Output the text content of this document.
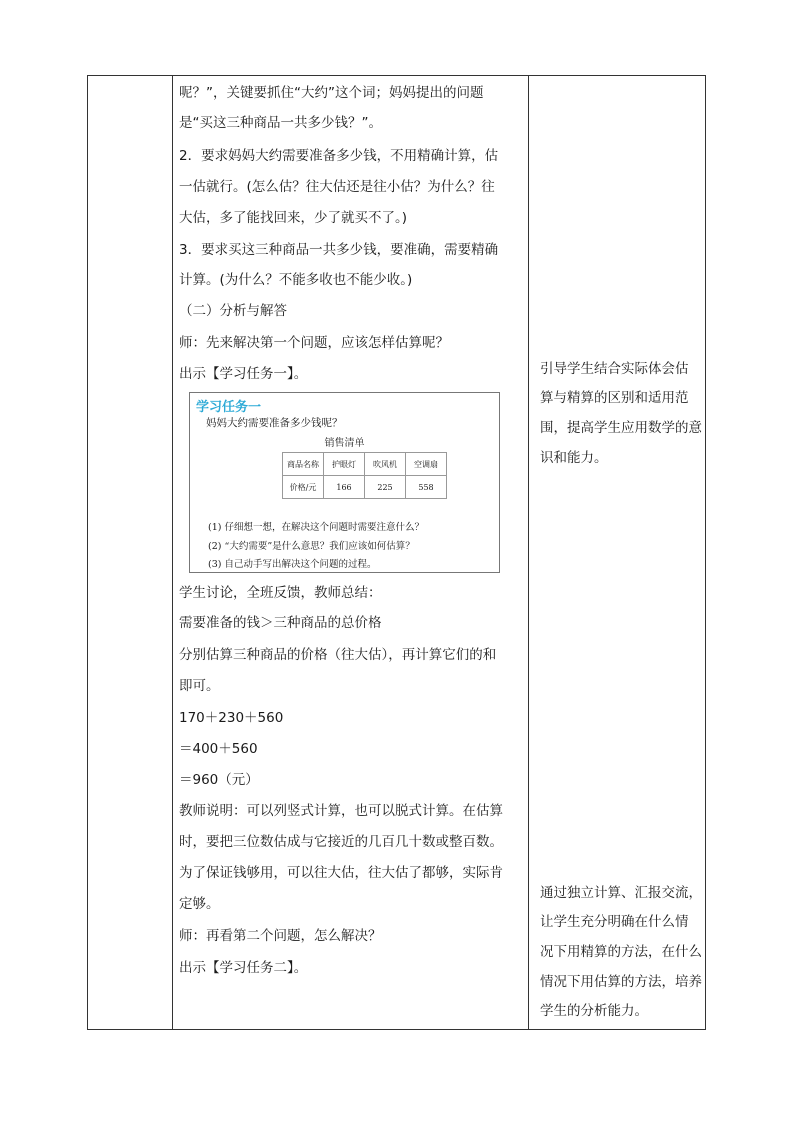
呢？”，关键要抓住“大约”这个词；妈妈提出的问题
是“买这三种商品一共多少钱？”。
2．要求妈妈大约需要准备多少钱，不用精确计算，估
一估就行。(怎么估？往大估还是往小估？为什么？往
大估，多了能找回来，少了就买不了。)
3．要求买这三种商品一共多少钱，要准确，需要精确
计算。(为什么？不能多收也不能少收。)
（二）分析与解答
师：先来解决第一个问题，应该怎样估算呢？
出示【学习任务一】。
学生讨论，全班反馈，教师总结：
需要准备的钱＞三种商品的总价格
分别估算三种商品的价格（往大估），再计算它们的和
即可。
170＋230＋560
＝400＋560
＝960（元）
教师说明：可以列竖式计算，也可以脱式计算。在估算
时，要把三位数估成与它接近的几百几十数或整百数。
为了保证钱够用，可以往大估，往大估了都够，实际肯
定够。
师：再看第二个问题，怎么解决？
出示【学习任务二】。
引导学生结合实际体会估
算与精算的区别和适用范
围，提高学生应用数学的意
识和能力。
通过独立计算、汇报交流，
让学生充分明确在什么情
况下用精算的方法，在什么
情况下用估算的方法，培养
学生的分析能力。
学习任务一
妈妈大约需要准备多少钱呢？
销售清单
商品名称	护眼灯	吹风机	空调扇
价格/元	166	225	558
(1) 仔细想一想，在解决这个问题时需要注意什么？
(2) “大约需要”是什么意思？我们应该如何估算？
(3) 自己动手写出解决这个问题的过程。
